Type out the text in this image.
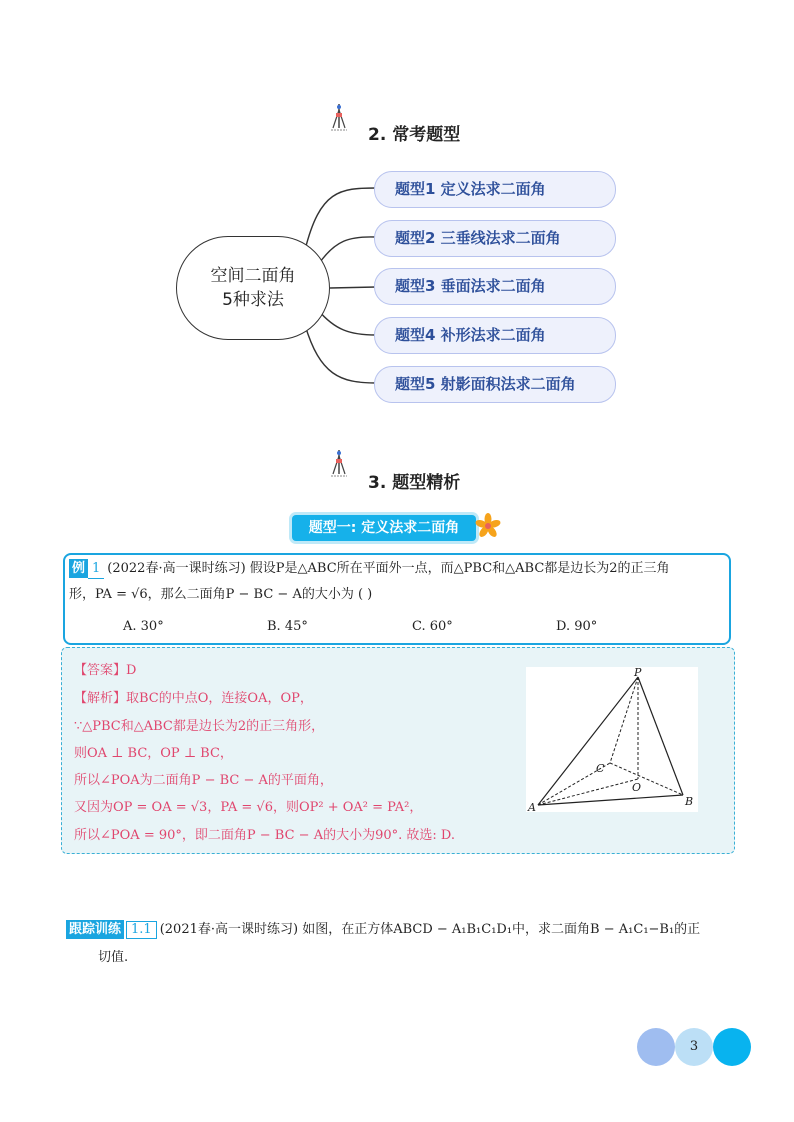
2. 常考题型
空间二面角
5种求法
题型1 定义法求二面角
题型2 三垂线法求二面角
题型3 垂面法求二面角
题型4 补形法求二面角
题型5 射影面积法求二面角
3. 题型精析
题型一: 定义法求二面角
例 1 (2022春·高一课时练习) 假设P是△ABC所在平面外一点，而△PBC和△ABC都是边长为2的正三角
形，PA = √6，那么二面角P − BC − A的大小为 ( )
A. 30°	B. 45°	C. 60°	D. 90°
【答案】D
【解析】取BC的中点O，连接OA，OP，
∵△PBC和△ABC都是边长为2的正三角形，
则OA ⊥ BC，OP ⊥ BC，
所以∠POA为二面角P − BC − A的平面角，
又因为OP = OA = √3，PA = √6，则OP² + OA² = PA²，
所以∠POA = 90°，即二面角P − BC − A的大小为90°. 故选: D.
P
C
O
A	B
跟踪训练 1.1 (2021春·高一课时练习) 如图，在正方体ABCD − A₁B₁C₁D₁中，求二面角B − A₁C₁−B₁的正
切值.
3
